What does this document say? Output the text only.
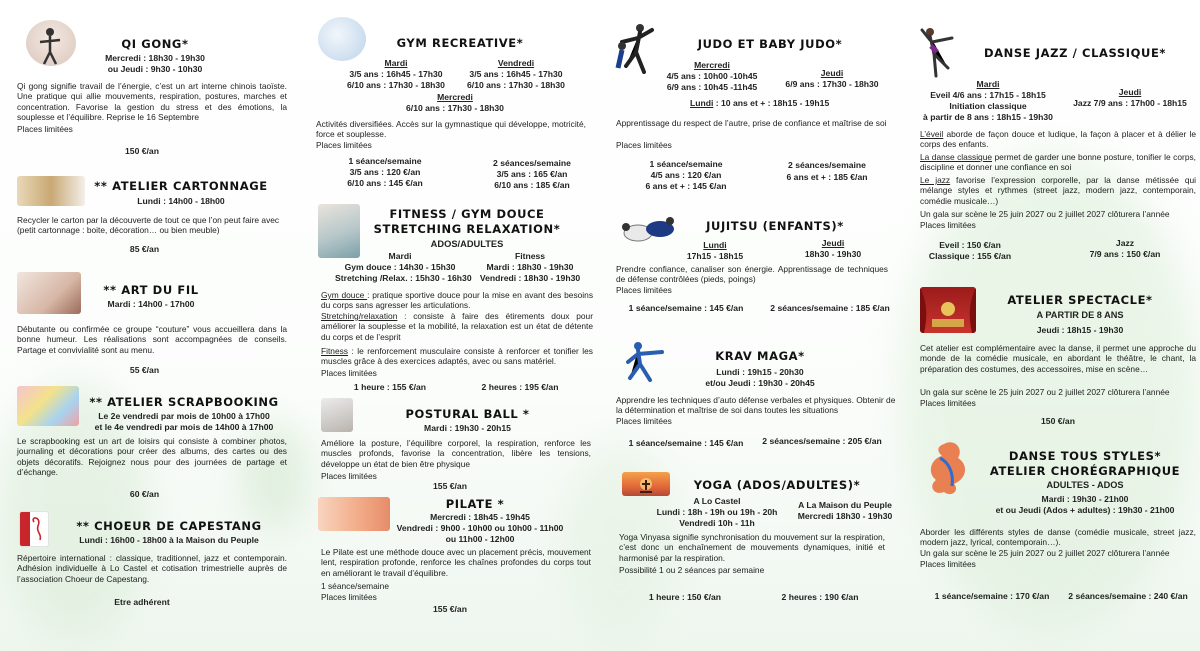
QI GONG*
Mercredi : 18h30 - 19h30
ou Jeudi : 9h30 - 10h30
Qi gong signifie travail de l’énergie, c’est un art interne chinois taoïste. Une pratique qui allie mouvements, respiration, postures, marches et concentration. Favorise la gestion du stress et des émotions, la souplesse et l’équilibre. Reprise le 16 Septembre
Places limitées
150 €/an
** ATELIER CARTONNAGE
Lundi : 14h00 - 18h00
Recycler le carton par la découverte de tout ce que l’on peut faire avec (petit cartonnage : boite, décoration… ou bien meuble)
85 €/an
** ART DU FIL
Mardi : 14h00 - 17h00
Débutante ou confirmée ce groupe “couture” vous accueillera dans la bonne humeur. Les réalisations sont accompagnées de conseils. Partage et convivialité sont au menu.
55 €/an
** ATELIER SCRAPBOOKING
Le 2e vendredi par mois de 10h00 à 17h00
et le 4e vendredi par mois de 14h00 à 17h00
Le scrapbooking est un art de loisirs qui consiste à combiner photos, journaling et décorations pour créer des albums, des cartes ou des objets décoratifs. Rejoignez nous pour des journées de partage et d’échange.
60 €/an
** CHOEUR DE CAPESTANG
Lundi : 16h00 - 18h00 à la Maison du Peuple
Répertoire international : classique, traditionnel, jazz et contemporain. Adhésion individuelle à Lo Castel et cotisation trimestrielle auprès de l’association Choeur de Capestang.
Etre adhérent
GYM RECREATIVE*
Mardi
3/5 ans : 16h45 - 17h30
6/10 ans : 17h30 - 18h30
Vendredi
3/5 ans : 16h45 - 17h30
6/10 ans : 17h30 - 18h30
Mercredi
6/10 ans : 17h30 - 18h30
Activités diversifiées. Accès sur la gymnastique qui développe, motricité, force et souplesse.
Places limitées
1 séance/semaine
3/5 ans : 120 €/an
6/10 ans : 145 €/an
2 séances/semaine
3/5 ans : 165 €/an
6/10 ans : 185 €/an
FITNESS / GYM DOUCE
STRETCHING RELAXATION*
ADOS/ADULTES
Mardi
Gym douce : 14h30 - 15h30
Stretching /Relax. : 15h30 - 16h30
Fitness
Mardi : 18h30 - 19h30
Vendredi : 18h30 - 19h30
Gym douce : pratique sportive douce pour la mise en avant des besoins du corps sans agresser les articulations.
Stretching/relaxation : consiste à faire des étirements doux pour améliorer la souplesse et la mobilité, la relaxation est un état de détente du corps et de l’esprit
Fitness : le renforcement musculaire consiste à renforcer et tonifier les muscles grâce à des exercices adaptés, avec ou sans matériel.
Places limitées
1 heure : 155 €/an	2 heures : 195 €/an
POSTURAL BALL *
Mardi : 19h30 - 20h15
Améliore la posture, l’équilibre corporel, la respiration, renforce les muscles profonds, favorise la concentration, libère les tensions, développe un état de bien être physique
Places limitées
155 €/an
PILATE *
Mercredi : 18h45 - 19h45
Vendredi : 9h00 - 10h00 ou 10h00 - 11h00
ou 11h00 - 12h00
Le Pilate est une méthode douce avec un placement précis, mouvement lent, respiration profonde, renforce les chaînes profondes du corps tout en améliorant le travail d’équilibre.
1 séance/semaine
Places limitées
155 €/an
JUDO ET BABY JUDO*
Mercredi
4/5 ans : 10h00 -10h45
6/9 ans : 10h45 -11h45
Jeudi
6/9 ans : 17h30 - 18h30
Lundi : 10 ans et + : 18h15 - 19h15
Apprentissage du respect de l’autre, prise de confiance et maîtrise de soi
Places limitées
1 séance/semaine
4/5 ans : 120 €/an
6 ans et + : 145 €/an
2 séances/semaine
6 ans et + : 185 €/an
JUJITSU (ENFANTS)*
Lundi
17h15 - 18h15
Jeudi
18h30 - 19h30
Prendre confiance, canaliser son énergie. Apprentissage de techniques de défense contrôlées (pieds, poings)
Places limitées
1 séance/semaine : 145 €/an	2 séances/semaine : 185 €/an
KRAV MAGA*
Lundi : 19h15 - 20h30
et/ou Jeudi : 19h30 - 20h45
Apprendre les techniques d’auto défense verbales et physiques. Obtenir de la détermination et maîtrise de soi dans toutes les situations
Places limitées
1 séance/semaine : 145 €/an	2 séances/semaine : 205 €/an
YOGA (ADOS/ADULTES)*
A Lo Castel
Lundi : 18h - 19h ou 19h - 20h
Vendredi 10h - 11h
A La Maison du Peuple
Mercredi 18h30 - 19h30
Yoga Vinyasa signifie synchronisation du mouvement sur la respiration, c’est donc un enchaînement de mouvements dynamiques, initié et harmonisé par la respiration.
Possibilité 1 ou 2 séances par semaine
1 heure : 150 €/an	2 heures : 190 €/an
DANSE JAZZ / CLASSIQUE*
Mardi
Eveil 4/6 ans : 17h15 - 18h15
Initiation classique
à partir de 8 ans : 18h15 - 19h30
Jeudi
Jazz 7/9 ans : 17h00 - 18h15
L’éveil aborde de façon douce et ludique, la façon à placer et à délier le corps des enfants.
La danse classique permet de garder une bonne posture, tonifier le corps, discipline et donner une confiance en soi
Le jazz favorise l’expression corporelle, par la danse métissée qui mélange styles et rythmes (street jazz, modern jazz, contemporain, comédie musicale…)
Un gala sur scène le 25 juin 2027 ou 2 juillet 2027 clôturera l’année
Places limitées
Eveil : 150 €/an
Classique : 155 €/an
Jazz
7/9 ans : 150 €/an
ATELIER SPECTACLE*
A PARTIR DE 8 ANS
Jeudi : 18h15 - 19h30
Cet atelier est complémentaire avec la danse, il permet une approche du monde de la comédie musicale, en abordant le théâtre, le chant, la préparation des costumes, des accessoires, mise en scène…
Un gala sur scène le 25 juin 2027 ou 2 juillet 2027 clôturera l’année
Places limitées
150 €/an
DANSE TOUS STYLES*
ATELIER CHORÉGRAPHIQUE
ADULTES - ADOS
Mardi : 19h30 - 21h00
et ou Jeudi (Ados + adultes) : 19h30 - 21h00
Aborder les différents styles de danse (comédie musicale, street jazz, modern jazz, lyrical, contemporain…).
Un gala sur scène le 25 juin 2027 ou 2 juillet 2027 clôturera l’année
Places limitées
1 séance/semaine : 170 €/an	2 séances/semaine : 240 €/an
